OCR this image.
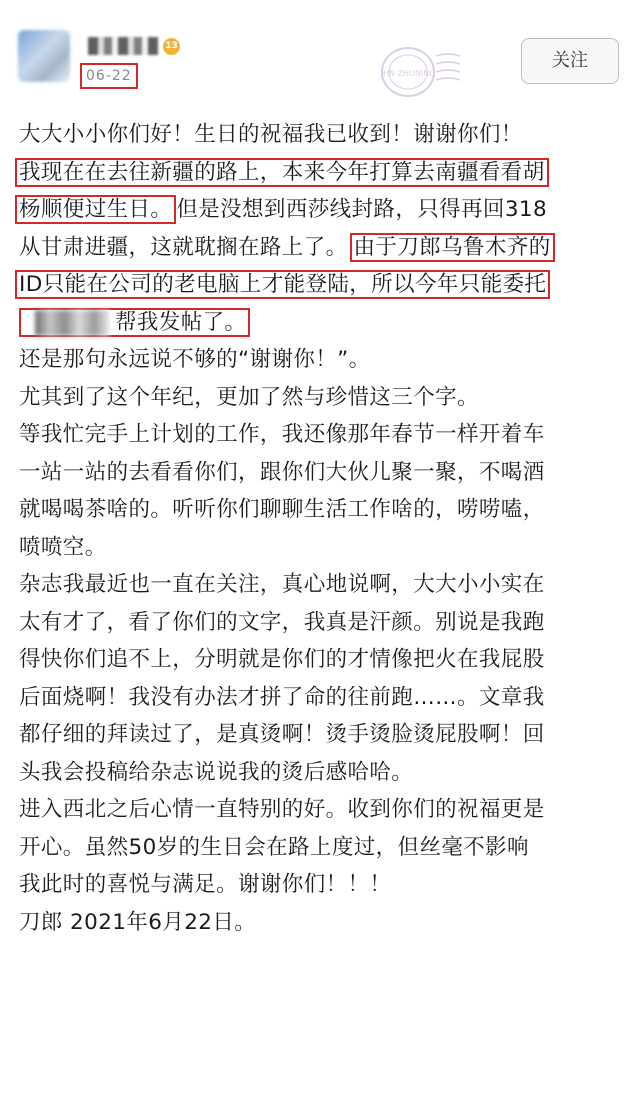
13
06-22	JHN·ZHUNING
关注
大大小小你们好！生日的祝福我已收到！谢谢你们！
我现在在去往新疆的路上，本来今年打算去南疆看看胡
杨顺便过生日。 但是没想到西莎线封路，只得再回318
从甘肃进疆，这就耽搁在路上了。 由于刀郎乌鲁木齐的
ID只能在公司的老电脑上才能登陆，所以今年只能委托
帮我发帖了。
还是那句永远说不够的“谢谢你！”。
尤其到了这个年纪，更加了然与珍惜这三个字。
等我忙完手上计划的工作，我还像那年春节一样开着车
一站一站的去看看你们，跟你们大伙儿聚一聚，不喝酒
就喝喝茶啥的。听听你们聊聊生活工作啥的，唠唠嗑，
喷喷空。
杂志我最近也一直在关注，真心地说啊，大大小小实在
太有才了，看了你们的文字，我真是汗颜。别说是我跑
得快你们追不上，分明就是你们的才情像把火在我屁股
后面烧啊！我没有办法才拼了命的往前跑……。文章我
都仔细的拜读过了，是真烫啊！烫手烫脸烫屁股啊！回
头我会投稿给杂志说说我的烫后感哈哈。
进入西北之后心情一直特别的好。收到你们的祝福更是
开心。虽然50岁的生日会在路上度过，但丝毫不影响
我此时的喜悦与满足。谢谢你们！！！
刀郎 2021年6月22日。
